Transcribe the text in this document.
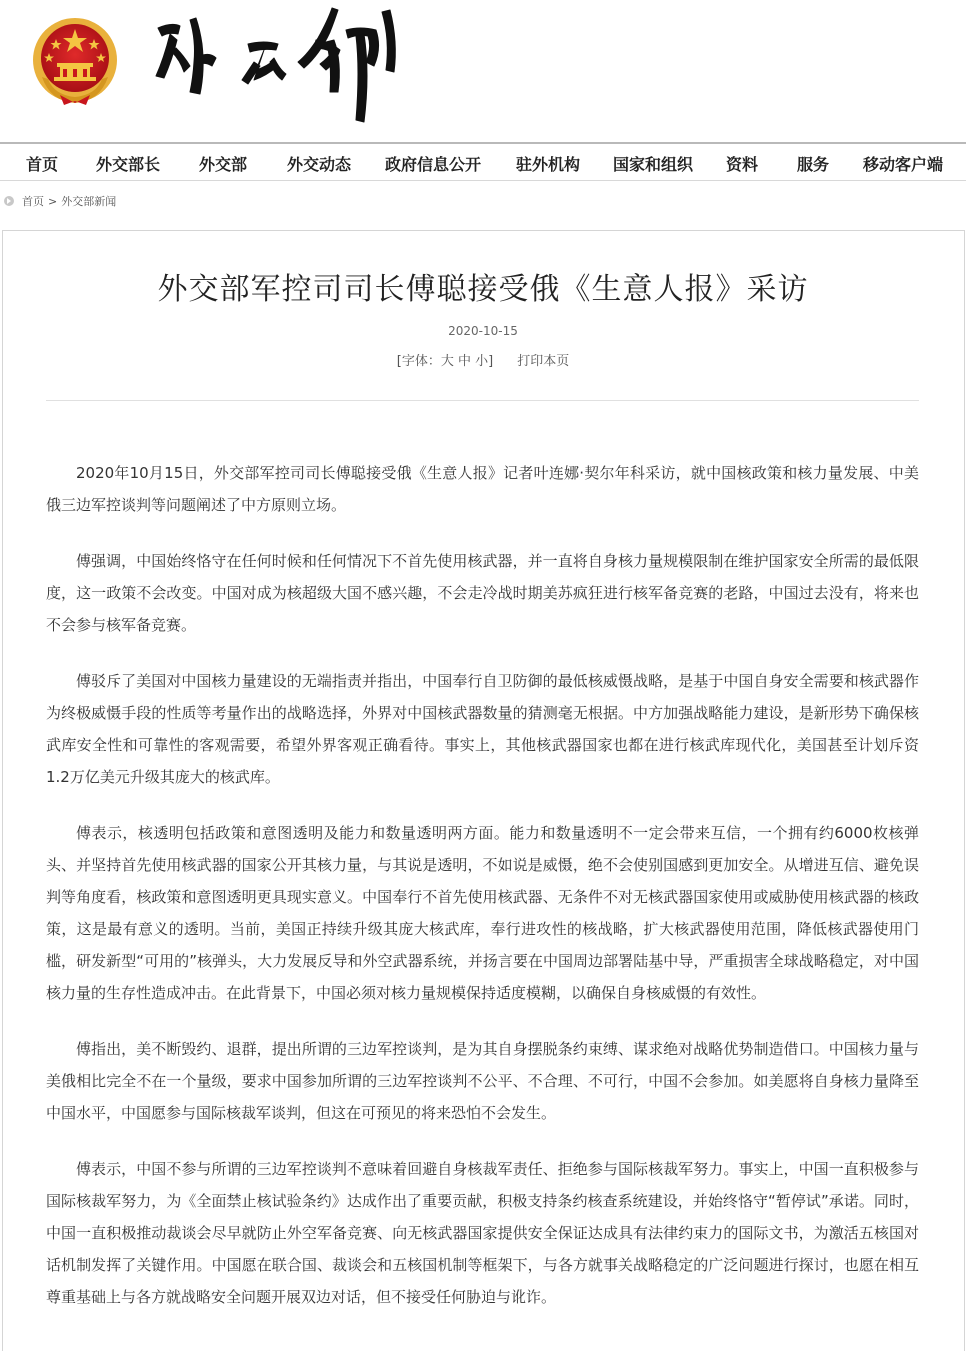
首页 外交部长 外交部 外交动态 政府信息公开 驻外机构 国家和组织 资料 服务 移动客户端
首页 > 外交部新闻
外交部军控司司长傅聪接受俄《生意人报》采访
2020-10-15
[字体：大 中 小] 打印本页

2020年10月15日，外交部军控司司长傅聪接受俄《生意人报》记者叶连娜·契尔年科采访，就中国核政策和核力量发展、中美俄三边军控谈判等问题阐述了中方原则立场。

傅强调，中国始终恪守在任何时候和任何情况下不首先使用核武器，并一直将自身核力量规模限制在维护国家安全所需的最低限度，这一政策不会改变。中国对成为核超级大国不感兴趣，不会走冷战时期美苏疯狂进行核军备竞赛的老路，中国过去没有，将来也不会参与核军备竞赛。

傅驳斥了美国对中国核力量建设的无端指责并指出，中国奉行自卫防御的最低核威慑战略，是基于中国自身安全需要和核武器作为终极威慑手段的性质等考量作出的战略选择，外界对中国核武器数量的猜测毫无根据。中方加强战略能力建设，是新形势下确保核武库安全性和可靠性的客观需要，希望外界客观正确看待。事实上，其他核武器国家也都在进行核武库现代化，美国甚至计划斥资1.2万亿美元升级其庞大的核武库。

傅表示，核透明包括政策和意图透明及能力和数量透明两方面。能力和数量透明不一定会带来互信，一个拥有约6000枚核弹头、并坚持首先使用核武器的国家公开其核力量，与其说是透明，不如说是威慑，绝不会使别国感到更加安全。从增进互信、避免误判等角度看，核政策和意图透明更具现实意义。中国奉行不首先使用核武器、无条件不对无核武器国家使用或威胁使用核武器的核政策，这是最有意义的透明。当前，美国正持续升级其庞大核武库，奉行进攻性的核战略，扩大核武器使用范围，降低核武器使用门槛，研发新型“可用的”核弹头，大力发展反导和外空武器系统，并扬言要在中国周边部署陆基中导，严重损害全球战略稳定，对中国核力量的生存性造成冲击。在此背景下，中国必须对核力量规模保持适度模糊，以确保自身核威慑的有效性。

傅指出，美不断毁约、退群，提出所谓的三边军控谈判，是为其自身摆脱条约束缚、谋求绝对战略优势制造借口。中国核力量与美俄相比完全不在一个量级，要求中国参加所谓的三边军控谈判不公平、不合理、不可行，中国不会参加。如美愿将自身核力量降至中国水平，中国愿参与国际核裁军谈判，但这在可预见的将来恐怕不会发生。

傅表示，中国不参与所谓的三边军控谈判不意味着回避自身核裁军责任、拒绝参与国际核裁军努力。事实上，中国一直积极参与国际核裁军努力，为《全面禁止核试验条约》达成作出了重要贡献，积极支持条约核查系统建设，并始终恪守“暂停试”承诺。同时，中国一直积极推动裁谈会尽早就防止外空军备竞赛、向无核武器国家提供安全保证达成具有法律约束力的国际文书，为激活五核国对话机制发挥了关键作用。中国愿在联合国、裁谈会和五核国机制等框架下，与各方就事关战略稳定的广泛问题进行探讨，也愿在相互尊重基础上与各方就战略安全问题开展双边对话，但不接受任何胁迫与讹诈。
